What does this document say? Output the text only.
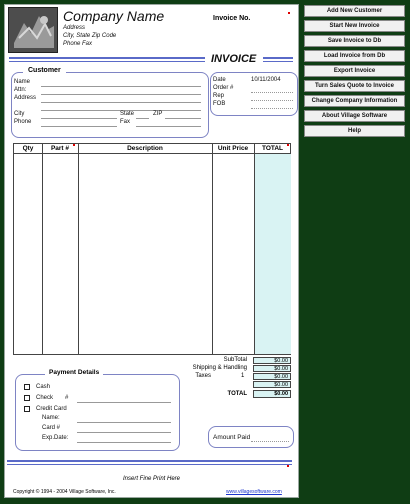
Company Name
Address
City, State Zip Code
Phone Fax
Invoice No.
INVOICE
Customer
Name
Attn:
Address
City	State	ZIP
Phone	Fax
Date	10/11/2004
Order #
Rep
FOB
Qty	Part #	Description	Unit Price	TOTAL
SubTotal	$0.00
Shipping & Handling	$0.00
Taxes	1	$0.00
$0.00
TOTAL	$0.00
Payment Details
Cash
Check #
Credit Card
Name:
Card #
Exp.Date:	Amount Paid
Insert Fine Print Here
Copyright © 1994 - 2004 Village Software, Inc.	www.villagesoftware.com
Add New Customer
Start New Invoice
Save Invoice to Db
Load Invoice from Db
Export Invoice
Turn Sales Quote to Invoice
Change Company Information
About Village Software
Help
